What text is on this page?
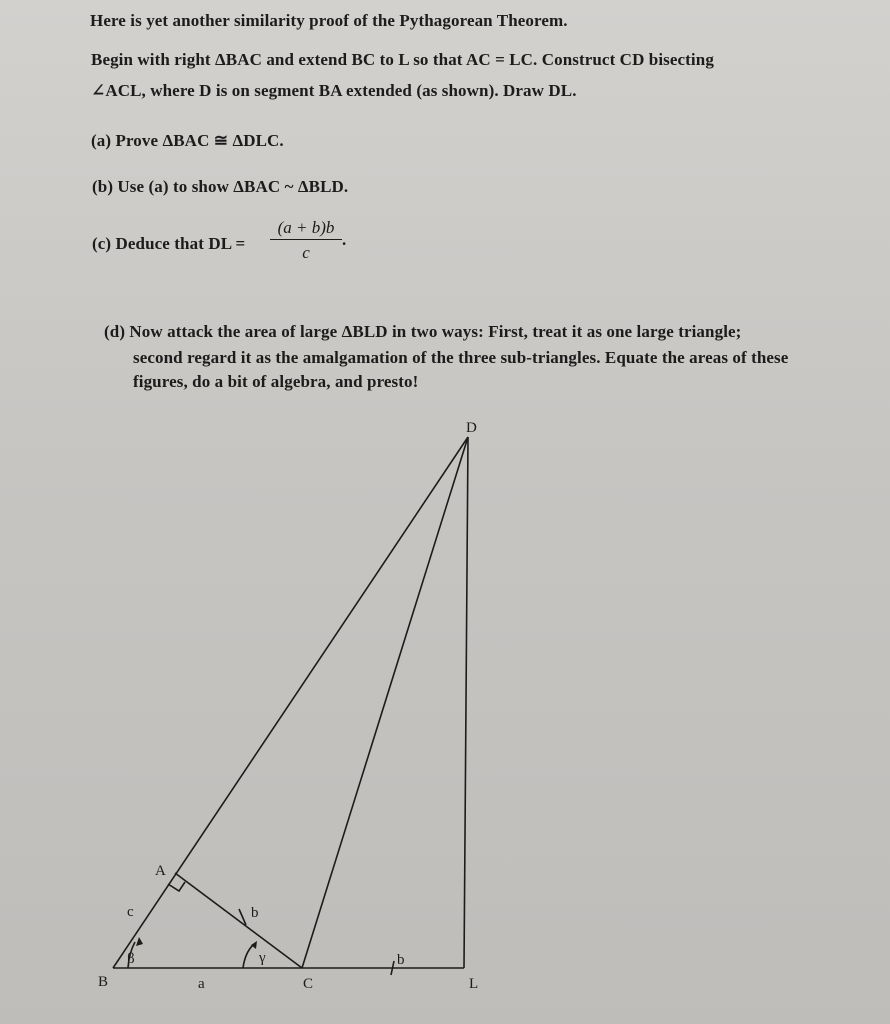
Here is yet another similarity proof of the Pythagorean Theorem.
Begin with right ΔBAC and extend BC to L so that AC = LC. Construct CD bisecting
∠ACL, where D is on segment BA extended (as shown). Draw DL.
(a) Prove ΔBAC ≅ ΔDLC.
(b) Use (a) to show ΔBAC ~ ΔBLD.
(c) Deduce that DL =
(a + b)b
c
.
(d) Now attack the area of large ΔBLD in two ways: First, treat it as one large triangle;
second regard it as the amalgamation of the three sub-triangles. Equate the areas of these
figures, do a bit of algebra, and presto!
D
A
B	C	L
c
a
b
b
β	γ
